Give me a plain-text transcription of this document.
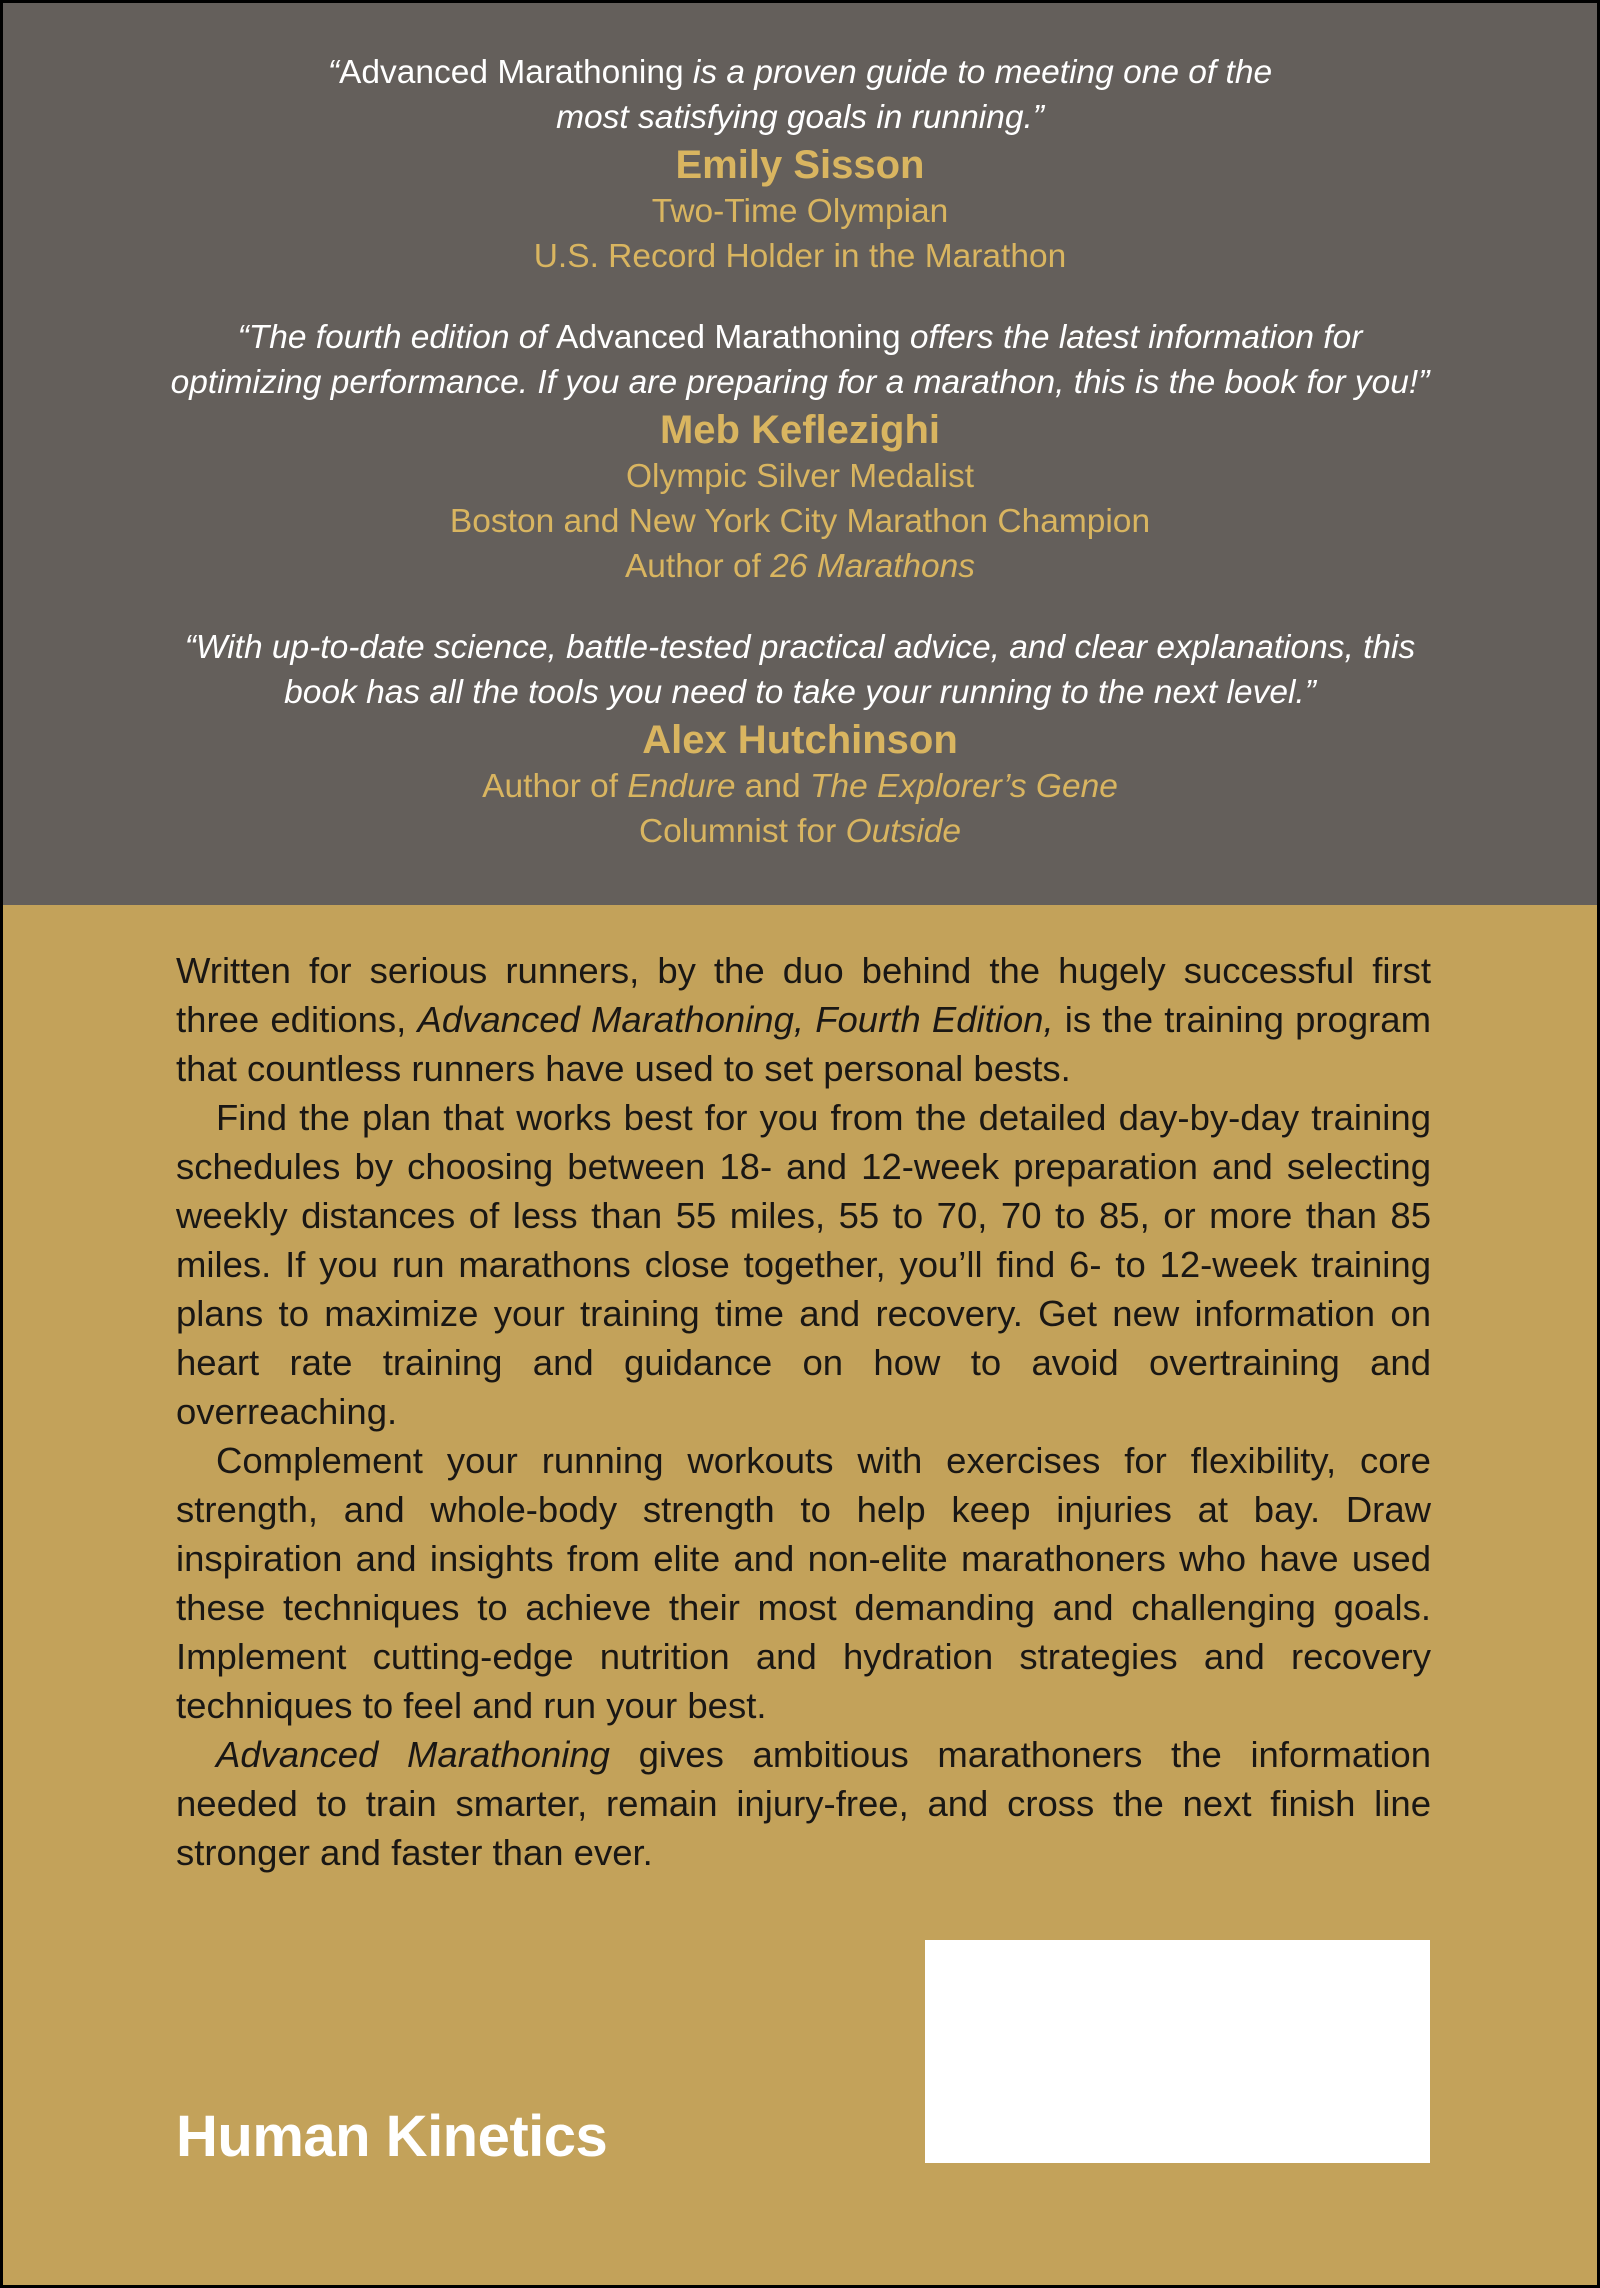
“Advanced Marathoning is a proven guide to meeting one of the
most satisfying goals in running.”

Emily Sisson

Two-Time Olympian

U.S. Record Holder in the Marathon

“The fourth edition of Advanced Marathoning offers the latest information for
optimizing performance. If you are preparing for a marathon, this is the book for you!”

Meb Keflezighi

Olympic Silver Medalist

Boston and New York City Marathon Champion

Author of 26 Marathons

“With up-to-date science, battle-tested practical advice, and clear explanations, this
book has all the tools you need to take your running to the next level.”

Alex Hutchinson

Author of Endure and The Explorer’s Gene

Columnist for Outside

Written for serious runners, by the duo behind the hugely successful first three editions, Advanced Marathoning, Fourth Edition, is the training program that countless runners have used to set personal bests.

Find the plan that works best for you from the detailed day-by-day training schedules by choosing between 18- and 12-week preparation and selecting weekly distances of less than 55 miles, 55 to 70, 70 to 85, or more than 85 miles. If you run marathons close together, you’ll find 6- to 12-week training plans to maximize your training time and recovery. Get new information on heart rate training and guidance on how to avoid overtraining and overreaching.

Complement your running workouts with exercises for flexibility, core strength, and whole-body strength to help keep injuries at bay. Draw inspiration and insights from elite and non-elite marathoners who have used these techniques to achieve their most demanding and challenging goals. Implement cutting-edge nutrition and hydration strategies and recovery techniques to feel and run your best.

Advanced Marathoning gives ambitious marathoners the information needed to train smarter, remain injury-free, and cross the next finish line stronger and faster than ever.

Human Kinetics
